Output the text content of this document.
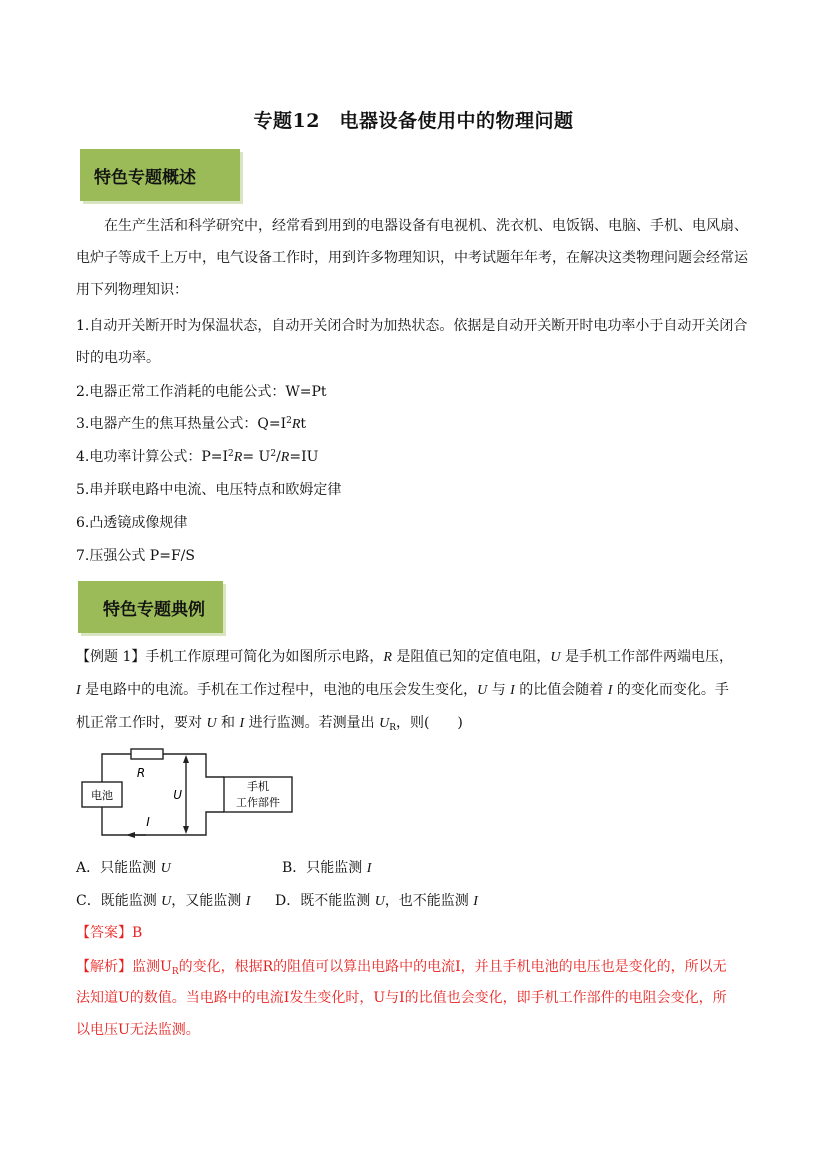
专题12　电器设备使用中的物理问题
特色专题概述
在生产生活和科学研究中，经常看到用到的电器设备有电视机、洗衣机、电饭锅、电脑、手机、电风扇、电炉子等成千上万中，电气设备工作时，用到许多物理知识，中考试题年年考，在解决这类物理问题会经常运用下列物理知识：
1.自动开关断开时为保温状态，自动开关闭合时为加热状态。依据是自动开关断开时电功率小于自动开关闭合时的电功率。
2.电器正常工作消耗的电能公式：W=Pt
3.电器产生的焦耳热量公式：$Q=I^2Rt$
4.电功率计算公式：$P=I^2R= U^2/R=IU$
5.串并联电路中电流、电压特点和欧姆定律
6.凸透镜成像规律
7.压强公式 P=F/S
特色专题典例
【例题 1】手机工作原理可简化为如图所示电路，R 是阻值已知的定值电阻，U 是手机工作部件两端电压，
I 是电路中的电流。手机在工作过程中，电池的电压会发生变化，U 与 I 的比值会随着 I 的变化而变化。手
机正常工作时，要对 U 和 I 进行监测。若测量出 $U_R$，则(　　)
R
电池	U
I
手机
工作部件
A．只能监测 U	B．只能监测 I
C．既能监测 U，又能监测 I D．既不能监测 U，也不能监测 I
【答案】B
【解析】监测$U_R$的变化，根据R的阻值可以算出电路中的电流I，并且手机电池的电压也是变化的，所以无
法知道U的数值。当电路中的电流I发生变化时，U与I的比值也会变化，即手机工作部件的电阻会变化，所
以电压U无法监测。
